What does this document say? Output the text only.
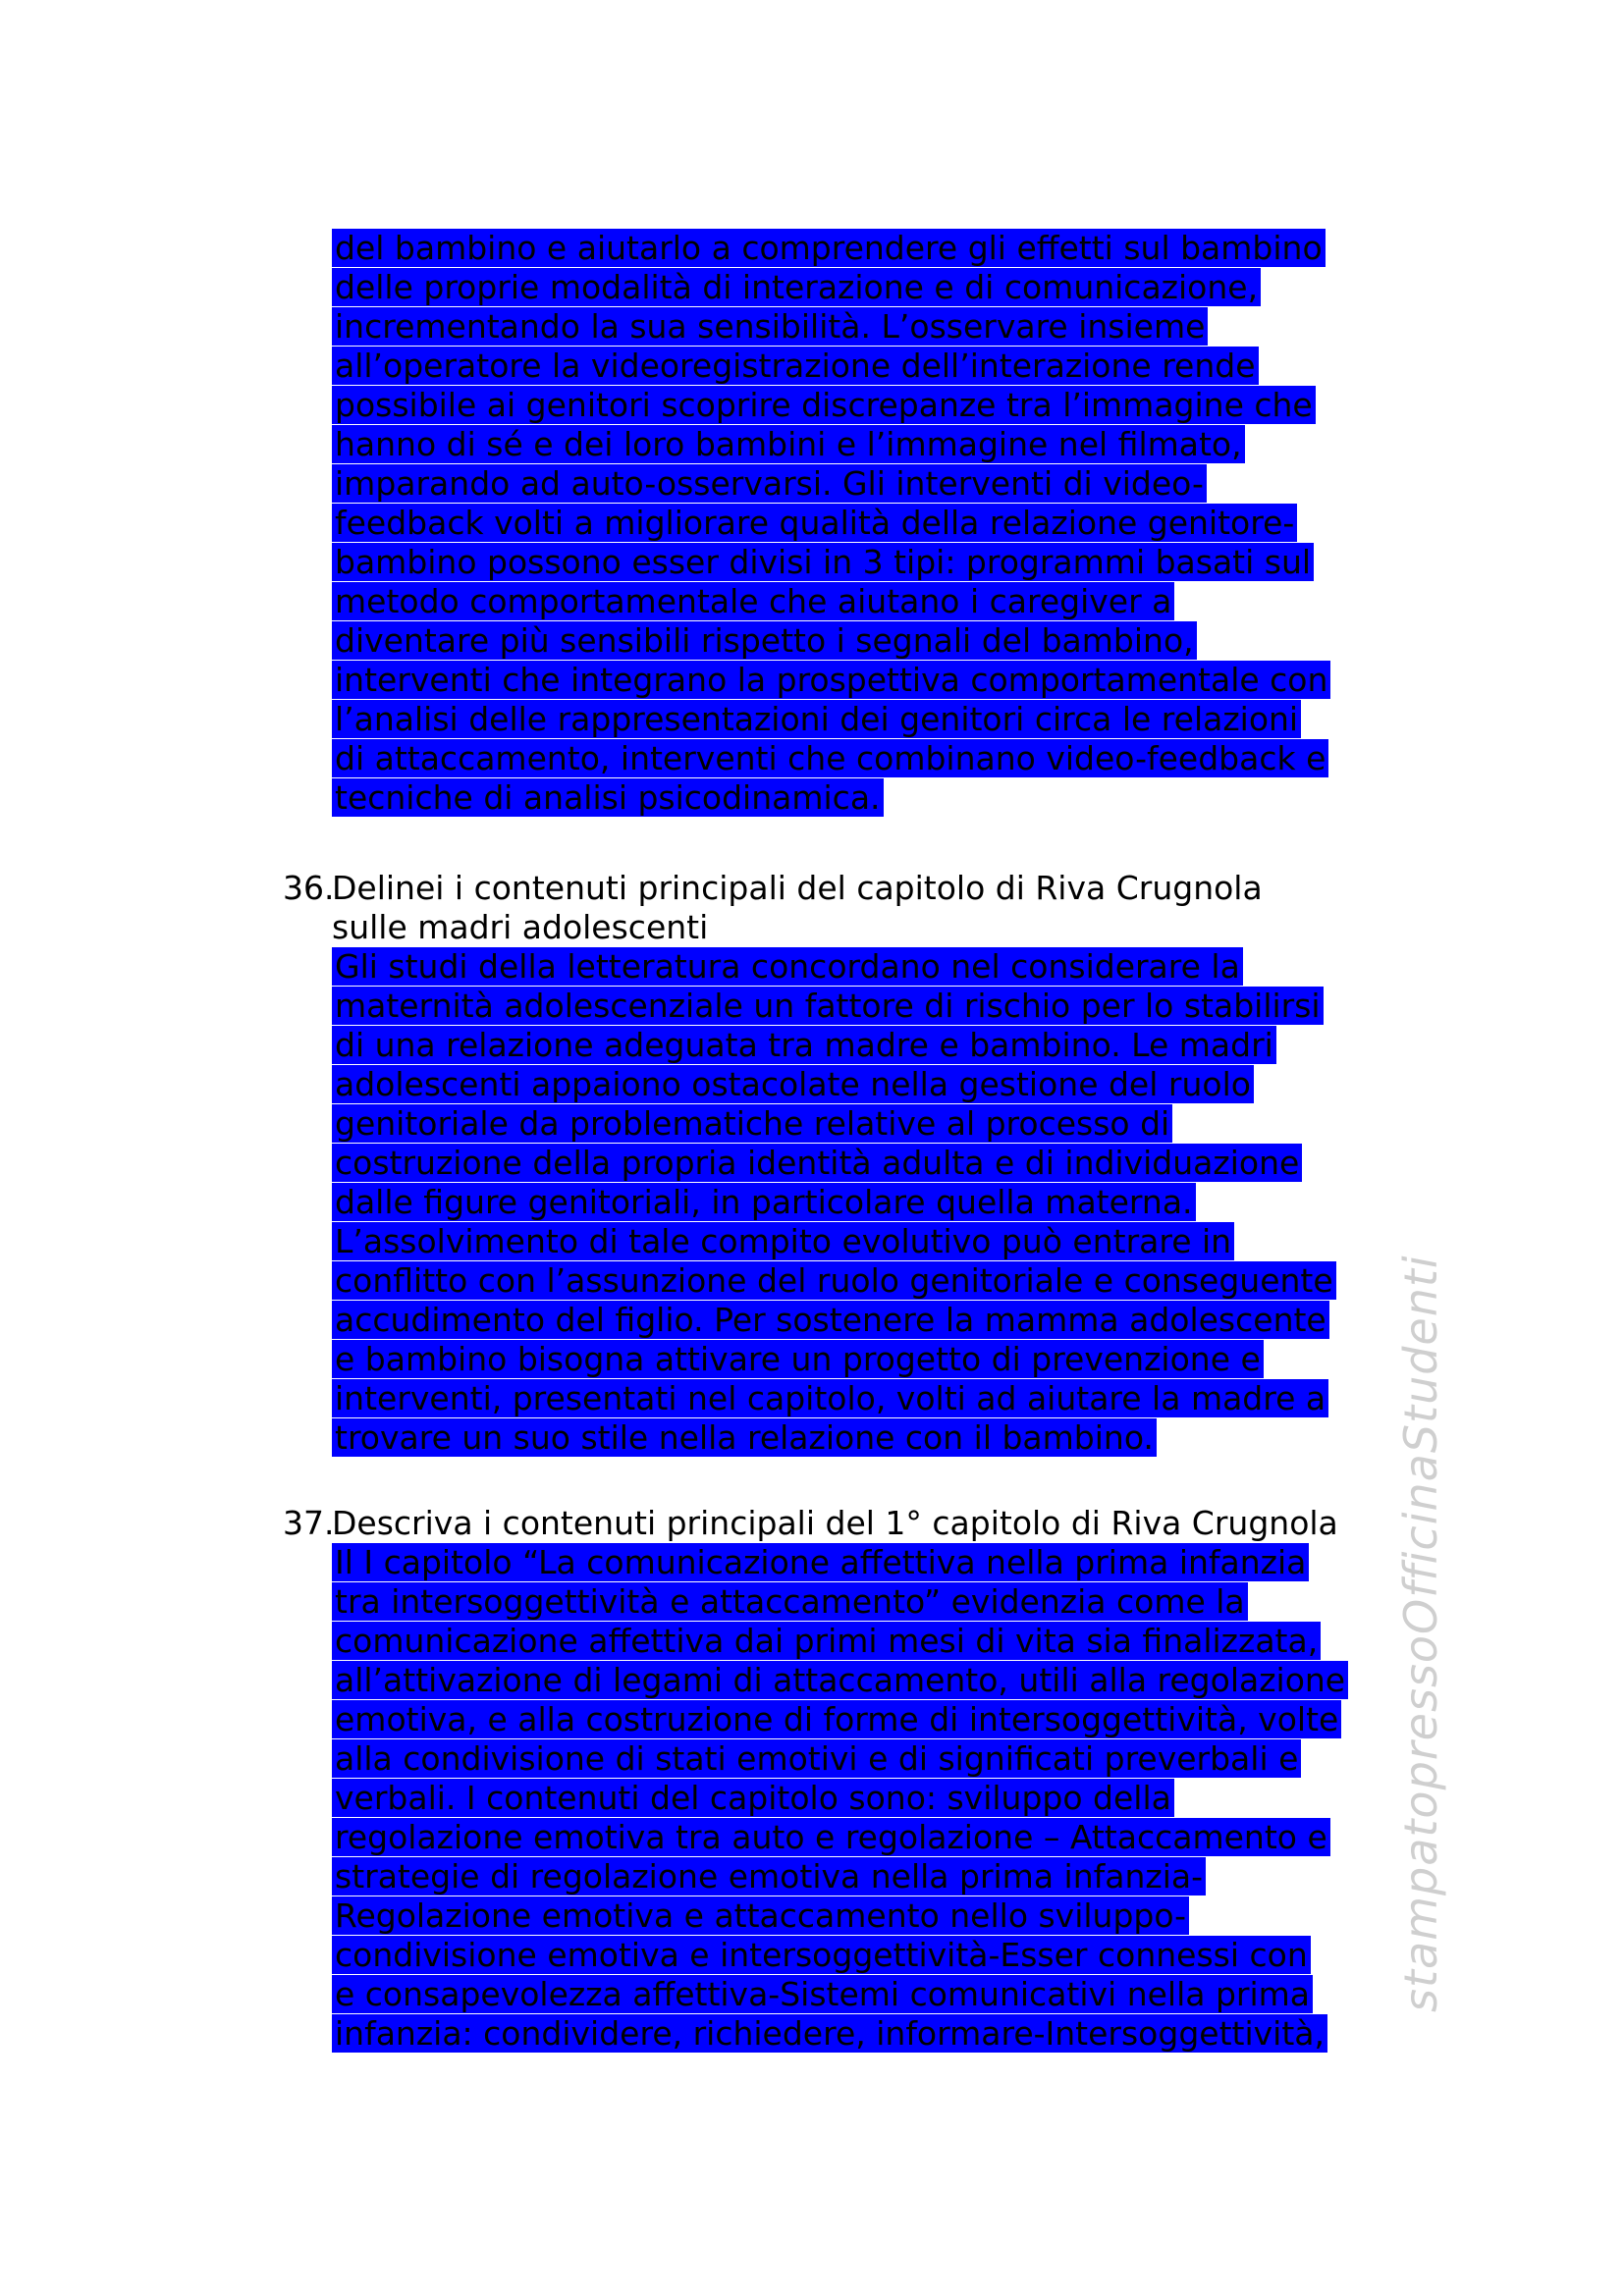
del bambino e aiutarlo a comprendere gli effetti sul bambino
delle proprie modalità di interazione e di comunicazione,
incrementando la sua sensibilità. L’osservare insieme
all’operatore la videoregistrazione dell’interazione rende
possibile ai genitori scoprire discrepanze tra l’immagine che
hanno di sé e dei loro bambini e l’immagine nel filmato,
imparando ad auto-osservarsi. Gli interventi di video-
feedback volti a migliorare qualità della relazione genitore-
bambino possono esser divisi in 3 tipi: programmi basati sul
metodo comportamentale che aiutano i caregiver a
diventare più sensibili rispetto i segnali del bambino,
interventi che integrano la prospettiva comportamentale con
l’analisi delle rappresentazioni dei genitori circa le relazioni
di attaccamento, interventi che combinano video-feedback e
tecniche di analisi psicodinamica.
36.
Delinei i contenuti principali del capitolo di Riva Crugnola
sulle madri adolescenti
Gli studi della letteratura concordano nel considerare la
maternità adolescenziale un fattore di rischio per lo stabilirsi
di una relazione adeguata tra madre e bambino. Le madri
adolescenti appaiono ostacolate nella gestione del ruolo
genitoriale da problematiche relative al processo di
costruzione della propria identità adulta e di individuazione
dalle figure genitoriali, in particolare quella materna.
L’assolvimento di tale compito evolutivo può entrare in
conflitto con l’assunzione del ruolo genitoriale e conseguente
accudimento del figlio. Per sostenere la mamma adolescente
e bambino bisogna attivare un progetto di prevenzione e
interventi, presentati nel capitolo, volti ad aiutare la madre a
trovare un suo stile nella relazione con il bambino.
37.
Descriva i contenuti principali del 1° capitolo di Riva Crugnola
Il I capitolo “La comunicazione affettiva nella prima infanzia
tra intersoggettività e attaccamento” evidenzia come la
comunicazione affettiva dai primi mesi di vita sia finalizzata,
all’attivazione di legami di attaccamento, utili alla regolazione
emotiva, e alla costruzione di forme di intersoggettività, volte
alla condivisione di stati emotivi e di significati preverbali e
verbali. I contenuti del capitolo sono: sviluppo della
regolazione emotiva tra auto e regolazione – Attaccamento e
strategie di regolazione emotiva nella prima infanzia-
Regolazione emotiva e attaccamento nello sviluppo-
condivisione emotiva e intersoggettività-Esser connessi con
e consapevolezza affettiva-Sistemi comunicativi nella prima
infanzia: condividere, richiedere, informare-Intersoggettività,
stampatopressoOfficinaStudenti
